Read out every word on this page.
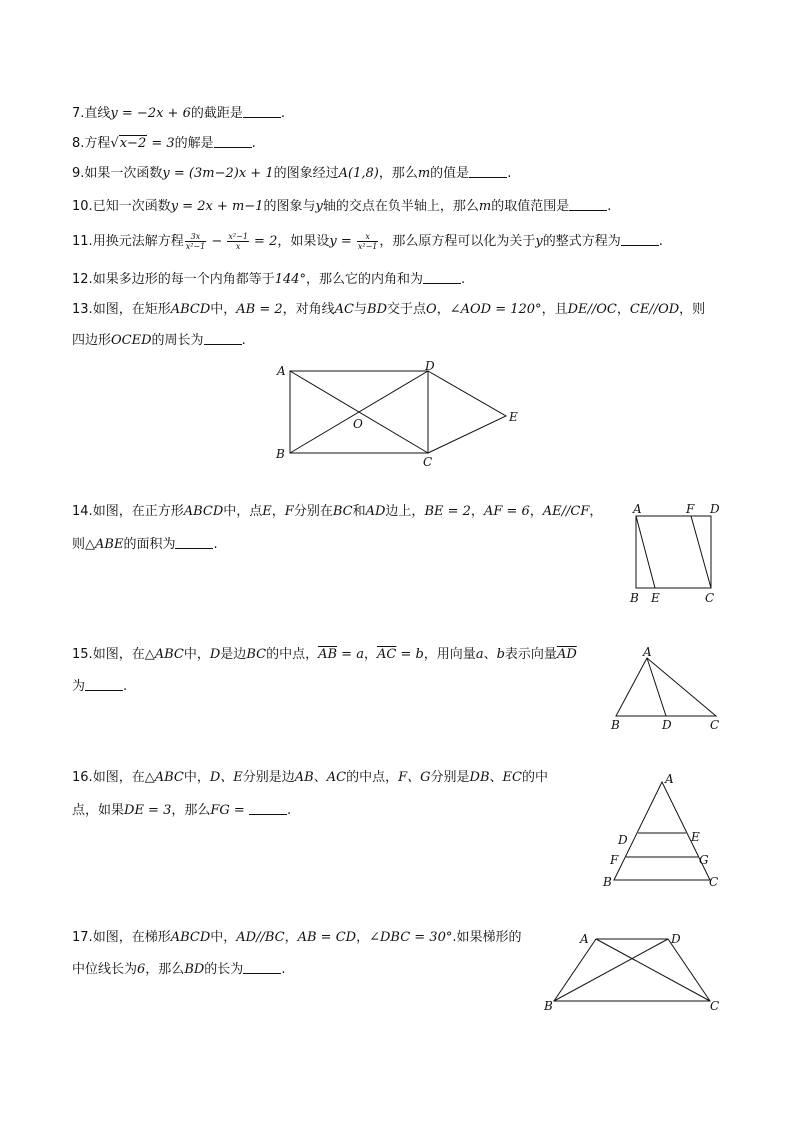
7.直线y = −2x + 6的截距是	.
8.方程√x−2 = 3的解是	.
9.如果一次函数y = (3m−2)x + 1的图象经过A(1,8)，那么m的值是	.
10.已知一次函数y = 2x + m−1的图象与y轴的交点在负半轴上，那么m的取值范围是	.
11.用换元法解方程 $\frac{3x}{\text{x²−1}} - \frac{\text{x²−1}}{x} = 2$，如果设$y = \frac{x}{\text{x²−1}}$ ，那么原方程可以化为关于y的整式方程为	.
12.如果多边形的每一个内角都等于144°，那么它的内角和为	.
13.如图，在矩形ABCD中，AB = 2，对角线AC与BD交于点O，∠AOD = 120°，且DE//OC，CE//OD，则
四边形OCED的周长为	.
A	D
O	E
B
C
14.如图，在正方形ABCD中，点E，F分别在BC和AD边上，BE = 2，AF = 6，AE//CF，
则△ABE的面积为	.
A	F D
B E	C
15.如图，在△ABC中，D是边BC的中点，$\overline{AB} = a$，$\overline{AC} = b$，用向量a、b表示向量$\overline{AD}$
为	.
A
B	D	C
16.如图，在△ABC中，D、E分别是边AB、AC的中点，F、G分别是DB、EC的中
点，如果DE = 3，那么FG =	.
A
D	E
F	G
B	C
17.如图，在梯形ABCD中，AD//BC，AB = CD，∠DBC = 30°.如果梯形的
中位线长为6，那么BD的长为	.
A	D
B	C
